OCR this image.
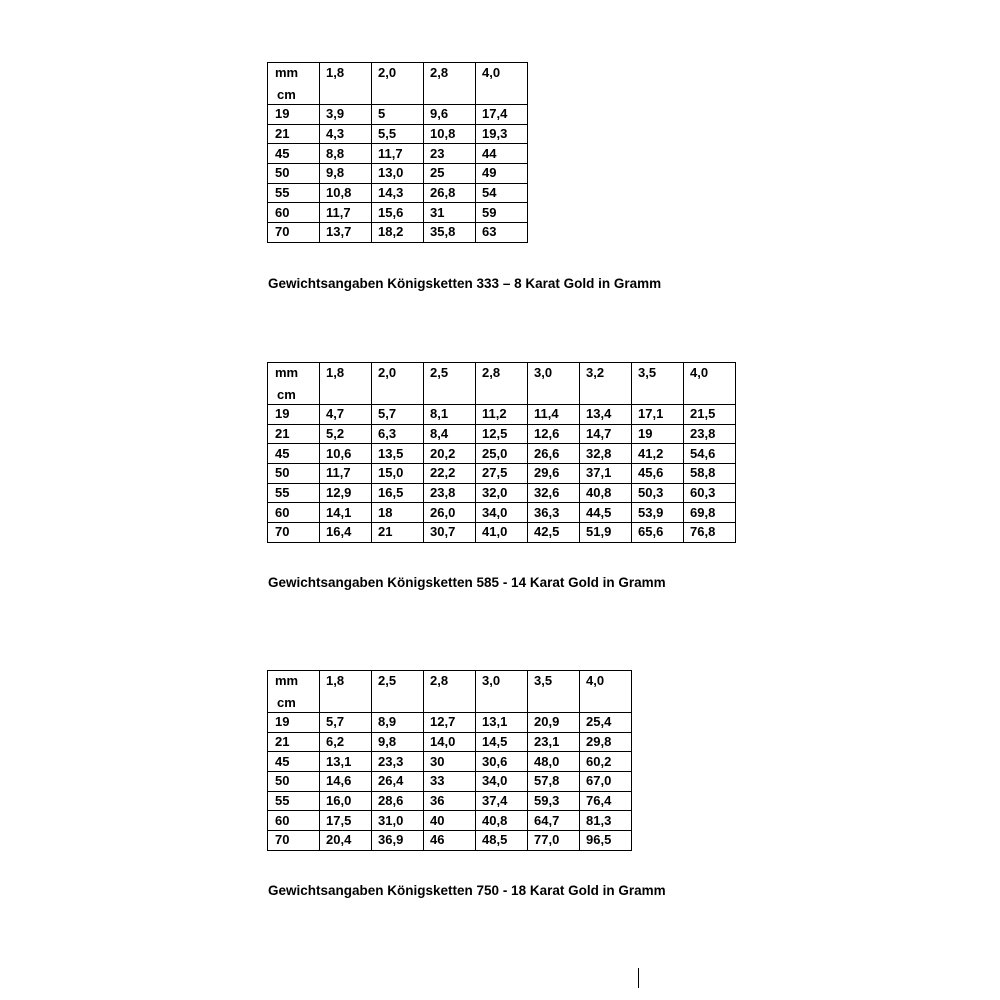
mm	1,8	2,0	2,8	4,0
cm				
19	3,9	5	9,6	17,4
21	4,3	5,5	10,8	19,3
45	8,8	11,7	23	44
50	9,8	13,0	25	49
55	10,8	14,3	26,8	54
60	11,7	15,6	31	59
70	13,7	18,2	35,8	63

Gewichtsangaben Königsketten 333 – 8 Karat Gold in Gramm

mm	1,8	2,0	2,5	2,8	3,0	3,2	3,5	4,0
cm								
19	4,7	5,7	8,1	11,2	11,4	13,4	17,1	21,5
21	5,2	6,3	8,4	12,5	12,6	14,7	19	23,8
45	10,6	13,5	20,2	25,0	26,6	32,8	41,2	54,6
50	11,7	15,0	22,2	27,5	29,6	37,1	45,6	58,8
55	12,9	16,5	23,8	32,0	32,6	40,8	50,3	60,3
60	14,1	18	26,0	34,0	36,3	44,5	53,9	69,8
70	16,4	21	30,7	41,0	42,5	51,9	65,6	76,8

Gewichtsangaben Königsketten 585 - 14 Karat Gold in Gramm

mm	1,8	2,5	2,8	3,0	3,5	4,0
cm						
19	5,7	8,9	12,7	13,1	20,9	25,4
21	6,2	9,8	14,0	14,5	23,1	29,8
45	13,1	23,3	30	30,6	48,0	60,2
50	14,6	26,4	33	34,0	57,8	67,0
55	16,0	28,6	36	37,4	59,3	76,4
60	17,5	31,0	40	40,8	64,7	81,3
70	20,4	36,9	46	48,5	77,0	96,5

Gewichtsangaben Königsketten 750 - 18 Karat Gold in Gramm
